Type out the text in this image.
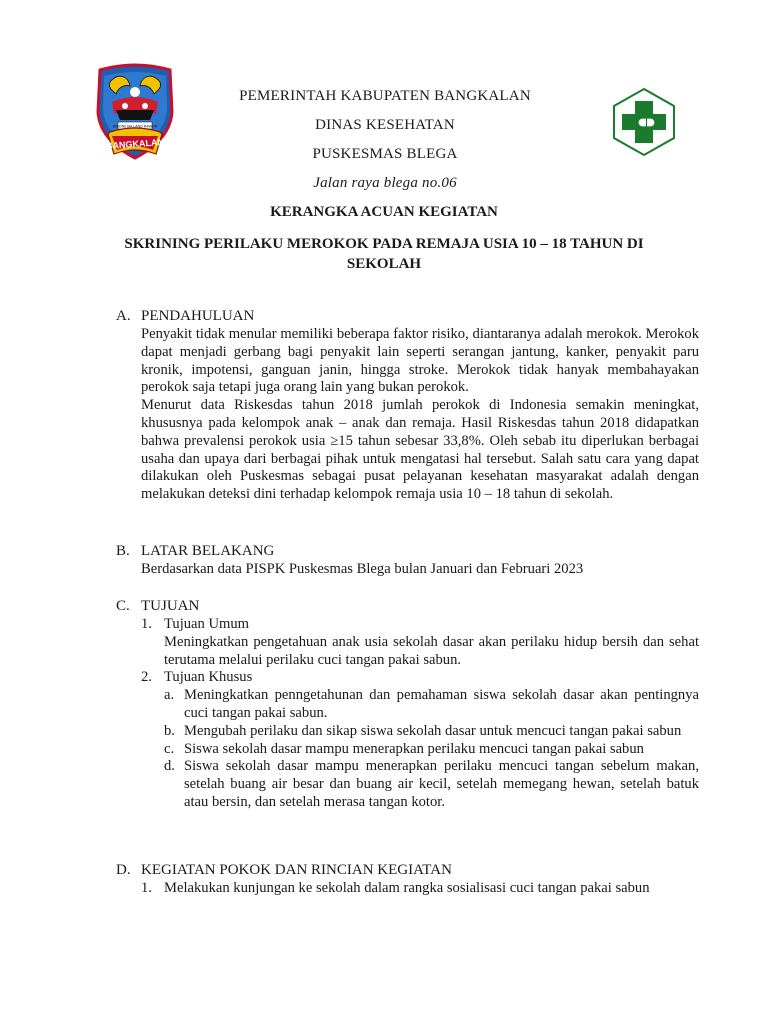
INDONESIA LAND RAWON
BANGKALAN
PEMERINTAH KABUPATEN BANGKALAN
DINAS KESEHATAN
PUSKESMAS BLEGA
Jalan raya blega no.06
KERANGKA ACUAN KEGIATAN
SKRINING PERILAKU MEROKOK PADA REMAJA USIA 10 – 18 TAHUN DI SEKOLAH
A. PENDAHULUAN
Penyakit tidak menular memiliki beberapa faktor risiko, diantaranya adalah merokok. Merokok dapat menjadi gerbang bagi penyakit lain seperti serangan jantung, kanker, penyakit paru kronik, impotensi, ganguan janin, hingga stroke. Merokok tidak hanyak membahayakan perokok saja tetapi juga orang lain yang bukan perokok.
Menurut data Riskesdas tahun 2018 jumlah perokok di Indonesia semakin meningkat, khususnya pada kelompok anak – anak dan remaja. Hasil Riskesdas tahun 2018 didapatkan bahwa prevalensi perokok usia ≥15 tahun sebesar 33,8%. Oleh sebab itu diperlukan berbagai usaha dan upaya dari berbagai pihak untuk mengatasi hal tersebut. Salah satu cara yang dapat dilakukan oleh Puskesmas sebagai pusat pelayanan kesehatan masyarakat adalah dengan melakukan deteksi dini terhadap kelompok remaja usia 10 – 18 tahun di sekolah.
B. LATAR BELAKANG
Berdasarkan data PISPK Puskesmas Blega bulan Januari dan Februari 2023
C. TUJUAN
1. Tujuan Umum
Meningkatkan pengetahuan anak usia sekolah dasar akan perilaku hidup bersih dan sehat terutama melalui perilaku cuci tangan pakai sabun.
2. Tujuan Khusus
a. Meningkatkan penngetahunan dan pemahaman siswa sekolah dasar akan pentingnya cuci tangan pakai sabun.
b. Mengubah perilaku dan sikap siswa sekolah dasar untuk mencuci tangan pakai sabun
c. Siswa sekolah dasar mampu menerapkan perilaku mencuci tangan pakai sabun
d. Siswa sekolah dasar mampu menerapkan perilaku mencuci tangan sebelum makan, setelah buang air besar dan buang air kecil, setelah memegang hewan, setelah batuk atau bersin, dan setelah merasa tangan kotor.
D. KEGIATAN POKOK DAN RINCIAN KEGIATAN
1. Melakukan kunjungan ke sekolah dalam rangka sosialisasi cuci tangan pakai sabun
